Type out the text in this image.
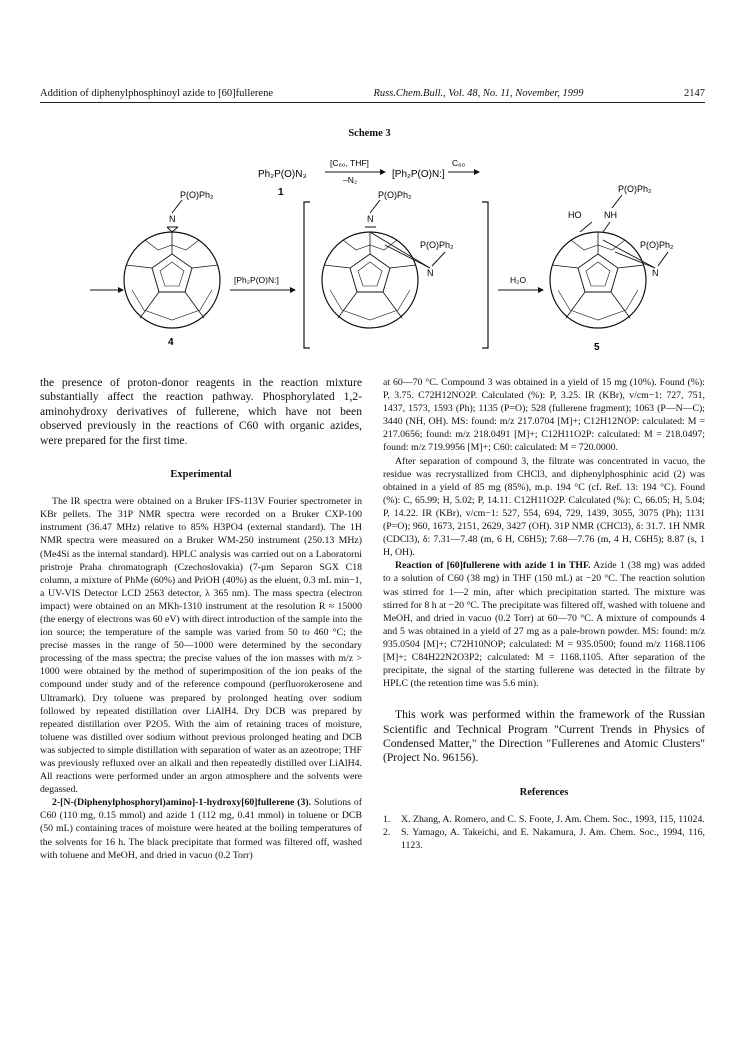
Addition of diphenylphosphinoyl azide to [60]fullerene	Russ.Chem.Bull., Vol. 48, No. 11, November, 1999	2147
Scheme 3
Ph₂P(O)N₃
1
[C₆₀, THF]
–N₂	[Ph₂P(O)N:]
C₆₀
N
P(O)Ph₂
4
[Ph₂P(O)N:]
N
P(O)Ph₂
N
P(O)Ph₂
H₂O
HO	NH
P(O)Ph₂
N
P(O)Ph₂
5

the presence of proton-donor reagents in the reaction mixture substantially affect the reaction pathway. Phosphorylated 1,2-aminohydroxy derivatives of fullerene, which have not been observed previously in the reactions of C60 with organic azides, were prepared for the first time.

Experimental

The IR spectra were obtained on a Bruker IFS-113V Fourier spectrometer in KBr pellets. The 31P NMR spectra were recorded on a Bruker CXP-100 instrument (36.47 MHz) relative to 85% H3PO4 (external standard). The 1H NMR spectra were measured on a Bruker WM-250 instrument (250.13 MHz) (Me4Si as the internal standard). HPLC analysis was carried out on a Laboratorni pristroje Praha chromatograph (Czechoslovakia) (7-μm Separon SGX C18 column, a mixture of PhMe (60%) and PriOH (40%) as the eluent, 0.3 mL min−1, a UV-VIS Detector LCD 2563 detector, λ 365 nm). The mass spectra (electron impact) were obtained on an MKh-1310 instrument at the resolution R ≈ 15000 (the energy of electrons was 60 eV) with direct introduction of the sample into the ion source; the temperature of the sample was varied from 50 to 460 °C; the precise masses in the range of 50—1000 were determined by the secondary processing of the mass spectra; the precise values of the ion masses with m/z > 1000 were obtained by the method of superimposition of the ion peaks of the compound under study and of the reference compound (perfluorokerosene and Ultramark). Dry toluene was prepared by prolonged heating over sodium followed by repeated distillation over LiAlH4. Dry DCB was prepared by repeated distillation over P2O5. With the aim of retaining traces of moisture, toluene was distilled over sodium without previous prolonged heating and DCB was subjected to simple distillation with separation of water as an azeotrope; THF was previously refluxed over an alkali and then repeatedly distilled over LiAlH4. All reactions were performed under an argon atmosphere and the solvents were degassed.

2-[N-(Diphenylphosphoryl)amino]-1-hydroxy[60]fullerene (3). Solutions of C60 (110 mg, 0.15 mmol) and azide 1 (112 mg, 0.41 mmol) in toluene or DCB (50 mL) containing traces of moisture were heated at the boiling temperatures of the solvents for 16 h. The black precipitate that formed was filtered off, washed with toluene and MeOH, and dried in vacuo (0.2 Torr)

at 60—70 °C. Compound 3 was obtained in a yield of 15 mg (10%). Found (%): P, 3.75. C72H12NO2P. Calculated (%): P, 3.25. IR (KBr), v/cm−1: 727, 751, 1437, 1573, 1593 (Ph); 1135 (P=O); 528 (fullerene fragment); 1063 (P—N—C); 3440 (NH, OH). MS: found: m/z 217.0704 [M]+; C12H12NOP: calculated: M = 217.0656; found: m/z 218.0491 [M]+; C12H11O2P: calculated: M = 218.0497; found: m/z 719.9956 [M]+; C60: calculated: M = 720.0000.

After separation of compound 3, the filtrate was concentrated in vacuo, the residue was recrystallized from CHCl3, and diphenylphosphinic acid (2) was obtained in a yield of 85 mg (85%), m.p. 194 °C (cf. Ref. 13: 194 °C). Found (%): C, 65.99; H, 5.02; P, 14.11. C12H11O2P. Calculated (%): C, 66.05; H, 5.04; P, 14.22. IR (KBr), v/cm−1: 527, 554, 694, 729, 1439, 3055, 3075 (Ph); 1131 (P=O); 960, 1673, 2151, 2629, 3427 (OH). 31P NMR (CHCl3), δ: 31.7. 1H NMR (CDCl3), δ: 7.31—7.48 (m, 6 H, C6H5); 7.68—7.76 (m, 4 H, C6H5); 8.87 (s, 1 H, OH).

Reaction of [60]fullerene with azide 1 in THF. Azide 1 (38 mg) was added to a solution of C60 (38 mg) in THF (150 mL) at −20 °C. The reaction solution was stirred for 1—2 min, after which precipitation started. The mixture was stirred for 8 h at −20 °C. The precipitate was filtered off, washed with toluene and MeOH, and dried in vacuo (0.2 Torr) at 60—70 °C. A mixture of compounds 4 and 5 was obtained in a yield of 27 mg as a pale-brown powder. MS: found: m/z 935.0504 [M]+; C72H10NOP; calculated: M = 935.0500; found m/z 1168.1106 [M]+; C84H22N2O3P2; calculated: M = 1168.1105. After separation of the precipitate, the signal of the starting fullerene was detected in the filtrate by HPLC (the retention time was 5.6 min).

This work was performed within the framework of the Russian Scientific and Technical Program "Current Trends in Physics of Condensed Matter," the Direction "Fullerenes and Atomic Clusters" (Project No. 96156).

References
1.	X. Zhang, A. Romero, and C. S. Foote, J. Am. Chem. Soc., 1993, 115, 11024.
2.	S. Yamago, A. Takeichi, and E. Nakamura, J. Am. Chem. Soc., 1994, 116, 1123.
